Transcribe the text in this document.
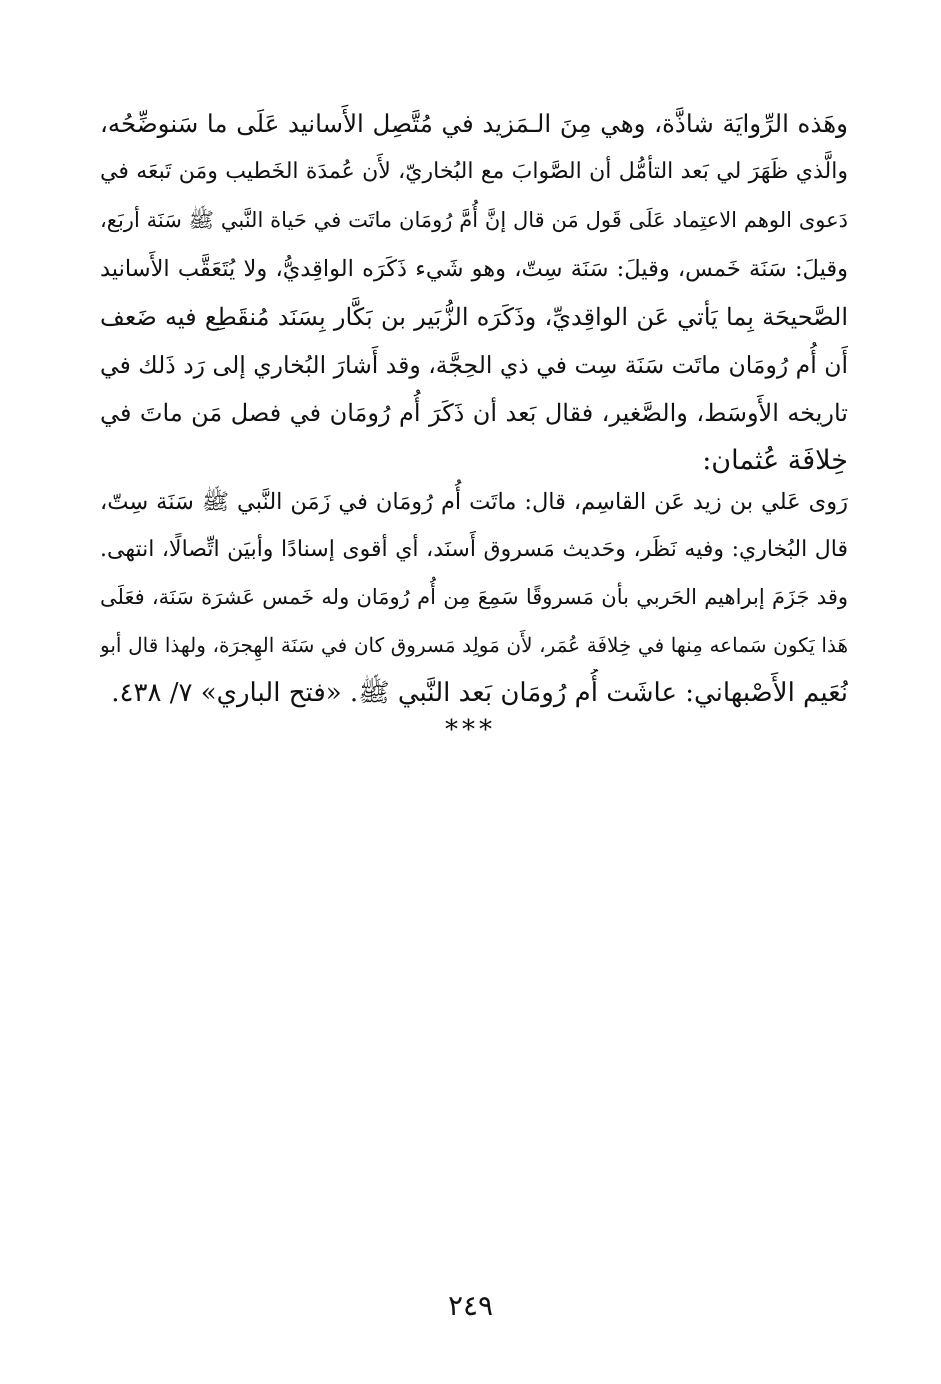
وهَذه الرِّوايَة شاذَّة، وهي مِنَ الـمَزيد في مُتَّصِل الأَسانيد عَلَى ما سَنوضِّحُه،
والَّذي ظَهَرَ لي بَعد التأمُّل أن الصَّوابَ مع البُخاريّ، لأَن عُمدَة الخَطيب ومَن تَبعَه في
دَعوى الوهم الاعتِماد عَلَى قَول مَن قال إنَّ أُمَّ رُومَان ماتَت في حَياة النَّبي ﷺ سَنَة أربَع،
وقيلَ: سَنَة خَمس، وقيلَ: سَنَة سِتّ، وهو شَيء ذَكَرَه الواقِديُّ، ولا يُتَعَقَّب الأَسانيد
الصَّحيحَة بِما يَأتي عَن الواقِديِّ، وذَكَرَه الزُّبَير بن بَكَّار بِسَنَد مُنقَطِع فيه ضَعف
أَن أُم رُومَان ماتَت سَنَة سِت في ذي الحِجَّة، وقد أَشارَ البُخاري إلى رَد ذَلك في
تاريخه الأَوسَط، والصَّغير، فقال بَعد أن ذَكَرَ أُم رُومَان في فصل مَن ماتَ في
خِلافَة عُثمان:
رَوى عَلي بن زيد عَن القاسِم، قال: ماتَت أُم رُومَان في زَمَن النَّبي ﷺ سَنَة سِتّ،
قال البُخاري: وفيه نَظَر، وحَديث مَسروق أَسنَد، أي أقوى إسنادًا وأبيَن اتِّصالًا، انتهى.
وقد جَزَمَ إبراهيم الحَربي بأن مَسروقًا سَمِعَ مِن أُم رُومَان وله خَمس عَشرَة سَنَة، فعَلَى
هَذا يَكون سَماعه مِنها في خِلافَة عُمَر، لأَن مَولِد مَسروق كان في سَنَة الهِجرَة، ولهذا قال أبو
نُعَيم الأَصْبهاني: عاشَت أُم رُومَان بَعد النَّبي ﷺ. «فتح الباري» ٧/ ٤٣٨.
***
٢٤٩
